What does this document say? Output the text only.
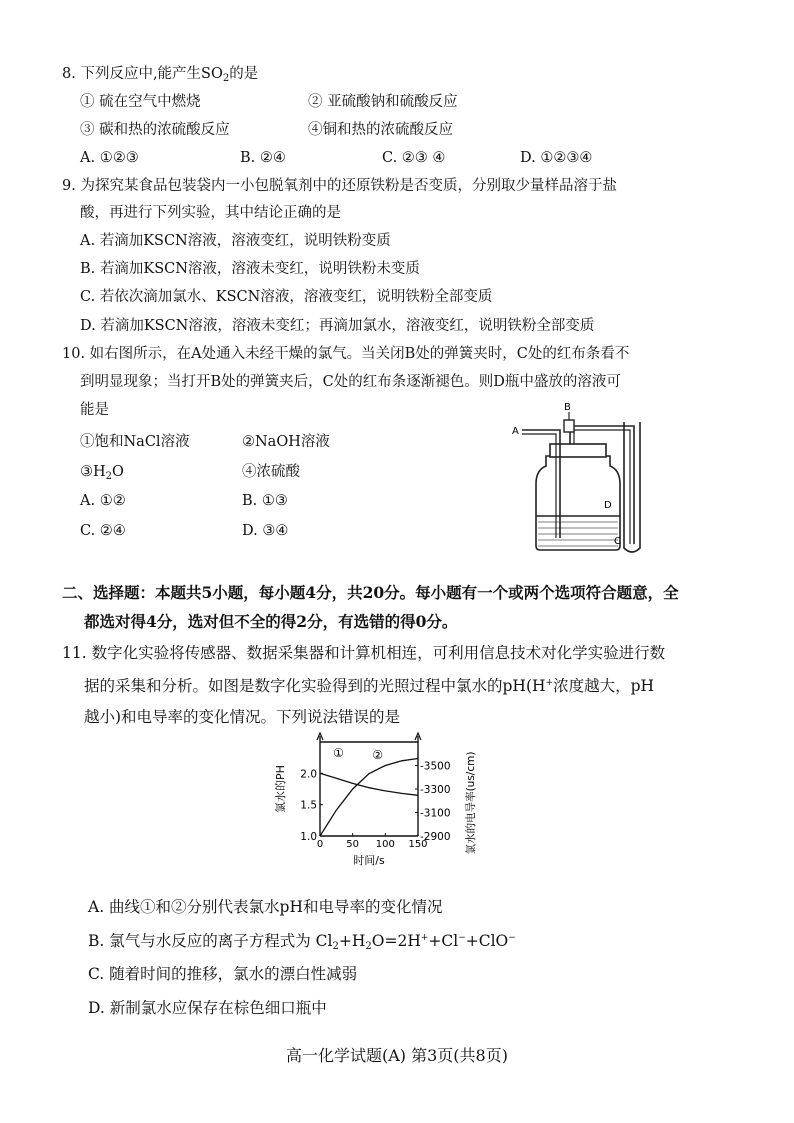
8. 下列反应中,能产生$SO_2$的是
① 硫在空气中燃烧	② 亚硫酸钠和硫酸反应
③ 碳和热的浓硫酸反应	④铜和热的浓硫酸反应
A. ①②③	B. ②④	C. ②③ ④	D. ①②③④
9. 为探究某食品包装袋内一小包脱氧剂中的还原铁粉是否变质，分别取少量样品溶于盐
酸，再进行下列实验，其中结论正确的是
A. 若滴加KSCN溶液，溶液变红，说明铁粉变质
B. 若滴加KSCN溶液，溶液未变红，说明铁粉未变质
C. 若依次滴加氯水、KSCN溶液，溶液变红，说明铁粉全部变质
D. 若滴加KSCN溶液，溶液未变红；再滴加氯水，溶液变红，说明铁粉全部变质
10. 如右图所示，在A处通入未经干燥的氯气。当关闭B处的弹簧夹时，C处的红布条看不
到明显现象；当打开B处的弹簧夹后，C处的红布条逐渐褪色。则D瓶中盛放的溶液可
能是
①饱和NaCl溶液	②NaOH溶液
$③H_2O$	④浓硫酸
A. ①②	B. ①③
C. ②④	D. ③④
A
B
D
C
二、选择题：本题共5小题，每小题4分，共20分。每小题有一个或两个选项符合题意，全
都选对得4分，选对但不全的得2分，有选错的得0分。
11. 数字化实验将传感器、数据采集器和计算机相连，可利用信息技术对化学实验进行数
据的采集和分析。如图是数字化实验得到的光照过程中氯水的pH(H+浓度越大，pH
越小)和电导率的变化情况。下列说法错误的是
0 50 100 150
1.0
1.5
2.0
-2900
-3100
-3300
-3500
① ②
时间/s
氯水的PH	氯水的电导率(us/cm)
A. 曲线①和②分别代表氯水pH和电导率的变化情况
B. 氯气与水反应的离子方程式为 $Cl_2+H_2O=2H^++Cl^-+ClO^-$
C. 随着时间的推移，氯水的漂白性减弱
D. 新制氯水应保存在棕色细口瓶中
高一化学试题(A) 第3页(共8页)
